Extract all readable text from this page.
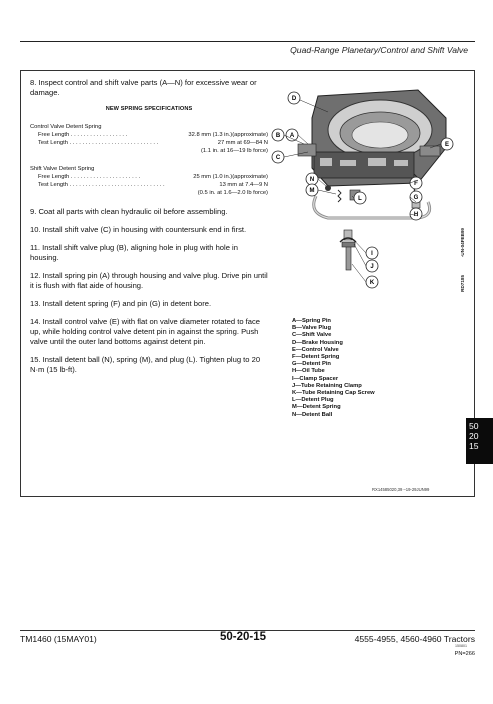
Quad-Range Planetary/Control and Shift Valve

8. Inspect control and shift valve parts (A—N) for excessive wear or damage.

NEW SPRING SPECIFICATIONS

Control Valve Detent Spring

Free Length . . . . . . . . . . . . . . . . . .	32.8 mm (1.3 in.)(approximate)
Test Length . . . . . . . . . . . . . . . . . . . . . . . . . . . .	27 mm at 69—84 N

(1.1 in. at 16—19 lb force)

Shift Valve Detent Spring

Free Length . . . . . . . . . . . . . . . . . . . . . .	25 mm (1.0 in.)(approximate)
Test Length . . . . . . . . . . . . . . . . . . . . . . . . . . . . . .	13 mm at 7.4—9 N

(0.5 in. at 1.6—2.0 lb force)

9. Coat all parts with clean hydraulic oil before assembling.

10. Install shift valve (C) in housing with countersunk end in first.

11. Install shift valve plug (B), aligning hole in plug with hole in housing.

12. Install spring pin (A) through housing and valve plug. Drive pin until it is flush with flat aide of housing.

13. Install detent spring (F) and pin (G) in detent bore.

14. Install control valve (E) with flat on valve diameter rotated to face up, while holding control valve detent pin in against the spring. Push valve until the outer land bottoms against detent pin.

15. Install detent ball (N), spring (M), and plug (L). Tighten plug to 20 N·m (15 lb-ft).

D
B A
C
E
N
M
L
F
G
H
I
J
K
-UN-04FEB99
RD7185
A—Spring Pin
B—Valve Plug
C—Shift Valve
D—Brake Housing
E—Control Valve
F—Detent Spring
G—Detent Pin
H—Oil Tube
I—Clamp Spacer
J—Tube Retaining Clamp
K—Tube Retaining Cap Screw
L—Detent Plug
M—Detent Spring
N—Detent Ball
RX14585020,39 –19-29JUN99
50
20
15
TM1460 (15MAY01)	50-20-15	4555-4955, 4560-4960 Tractors
150801
PN=266
